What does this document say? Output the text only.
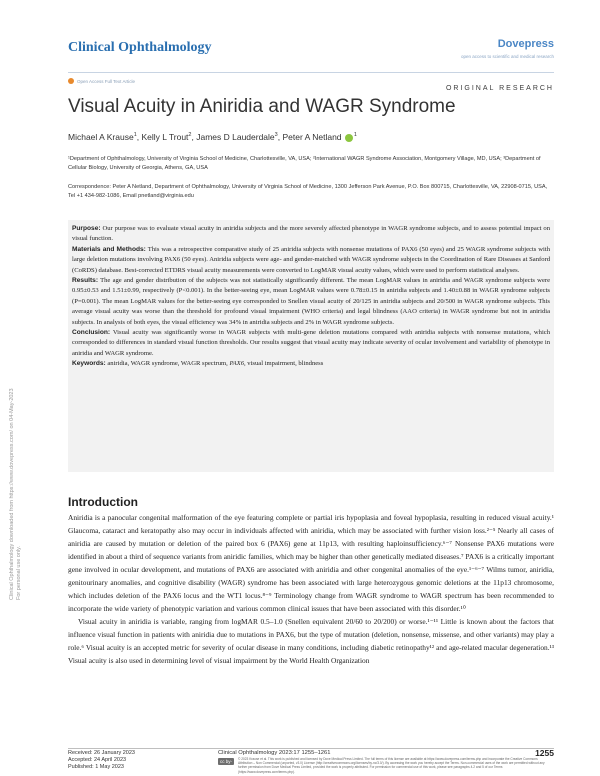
Clinical Ophthalmology	Dovepress
open access to scientific and medical research
Open Access Full Text Article
ORIGINAL RESEARCH
Visual Acuity in Aniridia and WAGR Syndrome
Michael A Krause$^1$, Kelly L Trout$^2$, James D Lauderdale$^3$, Peter A Netland $^1$
¹Department of Ophthalmology, University of Virginia School of Medicine, Charlottesville, VA, USA; ²International WAGR Syndrome Association, Montgomery Village, MD, USA; ³Department of Cellular Biology, University of Georgia, Athens, GA, USA
Correspondence: Peter A Netland, Department of Ophthalmology, University of Virginia School of Medicine, 1300 Jefferson Park Avenue, P.O. Box 800715, Charlottesville, VA, 22908-0715, USA, Tel +1 434-982-1086, Email pnetland@virginia.edu

Purpose: Our purpose was to evaluate visual acuity in aniridia subjects and the more severely affected phenotype in WAGR syndrome subjects, and to assess potential impact on visual function.

Materials and Methods: This was a retrospective comparative study of 25 aniridia subjects with nonsense mutations of PAX6 (50 eyes) and 25 WAGR syndrome subjects with large deletion mutations involving PAX6 (50 eyes). Aniridia subjects were age- and gender-matched with WAGR syndrome subjects in the Coordination of Rare Diseases at Sanford (CoRDS) database. Best-corrected ETDRS visual acuity measurements were converted to LogMAR visual acuity values, which were used to perform statistical analyses.

Results: The age and gender distribution of the subjects was not statistically significantly different. The mean LogMAR values in aniridia and WAGR syndrome subjects were 0.95±0.53 and 1.51±0.99, respectively (P<0.001). In the better-seeing eye, mean LogMAR values were 0.78±0.15 in aniridia subjects and 1.40±0.88 in WAGR syndrome subjects (P=0.001). The mean LogMAR values for the better-seeing eye corresponded to Snellen visual acuity of 20/125 in aniridia subjects and 20/500 in WAGR syndrome subjects. This average visual acuity was worse than the threshold for profound visual impairment (WHO criteria) and legal blindness (AAO criteria) in WAGR syndrome but not in aniridia subjects. In analysis of both eyes, the visual efficiency was 34% in aniridia subjects and 2% in WAGR syndrome subjects.

Conclusion: Visual acuity was significantly worse in WAGR subjects with multi-gene deletion mutations compared with aniridia subjects with nonsense mutations, which corresponded to differences in standard visual function thresholds. Our results suggest that visual acuity may indicate severity of ocular involvement and variability of phenotype in aniridia and WAGR syndrome.

Keywords: aniridia, WAGR syndrome, WAGR spectrum, PAX6, visual impairment, blindness

Clinical Ophthalmology downloaded from https://www.dovepress.com/ on 04-May-2023 For personal use only.
Introduction

Aniridia is a panocular congenital malformation of the eye featuring complete or partial iris hypoplasia and foveal hypoplasia, resulting in reduced visual acuity.¹ Glaucoma, cataract and keratopathy also may occur in individuals affected with aniridia, which may be associated with further vision loss.²⁻⁵ Nearly all cases of aniridia are caused by mutation or deletion of the paired box 6 (PAX6) gene at 11p13, with resulting haploinsufficiency.⁶⁻⁷ Nonsense PAX6 mutations were identified in about a third of sequence variants from aniridic families, which may be higher than other genetically mediated diseases.⁷ PAX6 is a critically important gene involved in ocular development, and mutations of PAX6 are associated with aniridia and other congenital anomalies of the eye.¹⁻⁶⁻⁷ Wilms tumor, aniridia, genitourinary anomalies, and cognitive disability (WAGR) syndrome has been associated with large heterozygous genomic deletions at the 11p13 chromosome, which includes deletion of the PAX6 locus and the WT1 locus.⁸⁻⁹ Terminology change from WAGR syndrome to WAGR spectrum has been recommended to incorporate the wide variety of phenotypic variation and various common clinical issues that have been associated with this disorder.¹⁰

Visual acuity in aniridia is variable, ranging from logMAR 0.5–1.0 (Snellen equivalent 20/60 to 20/200) or worse.¹⁻¹¹ Little is known about the factors that influence visual function in patients with aniridia due to mutations in PAX6, but the type of mutation (deletion, nonsense, missense, and other variants) may play a role.⁶ Visual acuity is an accepted metric for severity of ocular disease in many conditions, including diabetic retinopathy¹² and age-related macular degeneration.¹³ Visual acuity is also used in determining level of visual impairment by the World Health Organization

Received: 26 January 2023
Accepted: 24 April 2023
Published: 1 May 2023
Clinical Ophthalmology 2023:17 1255–1261
cc by-nc
© 2023 Krause et al. This work is published and licensed by Dove Medical Press Limited. The full terms of this license are available at https://www.dovepress.com/terms.php and incorporate the Creative Commons Attribution – Non Commercial (unported, v3.0) License (http://creativecommons.org/licenses/by-nc/3.0/). By accessing the work you hereby accept the Terms. Non-commercial uses of the work are permitted without any further permission from Dove Medical Press Limited, provided the work is properly attributed. For permission for commercial use of this work, please see paragraphs 4.2 and 5 of our Terms (https://www.dovepress.com/terms.php).
1255
